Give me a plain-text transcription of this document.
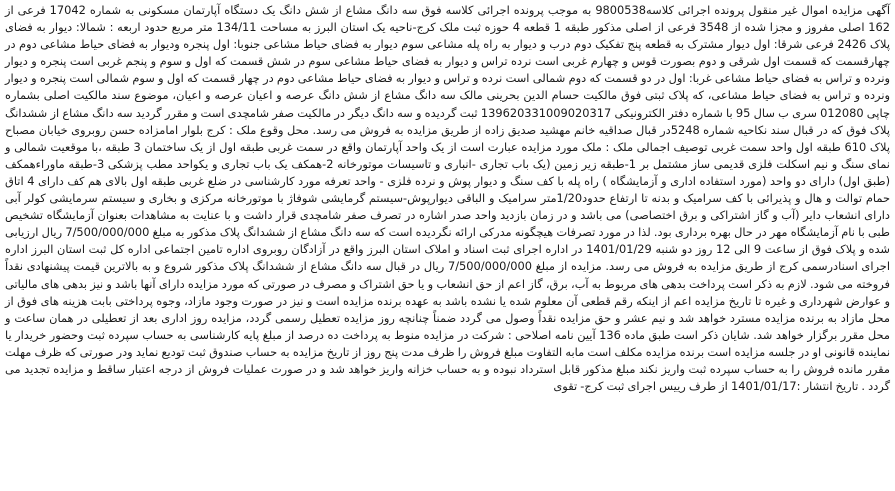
آگهی مزایده اموال غیر منقول پرونده اجرائی کلاسه9800538 به موجب پرونده اجرائی کلاسه فوق سه دانگ مشاع از شش دانگ یک دستگاه آپارتمان مسکونی به شماره 17042 فرعی از 162 اصلی مفروز و مجزا شده از 3548 فرعی از اصلی مذکور طبقه 1 قطعه 4 حوزه ثبت ملک کرج-ناحیه یک استان البرز به مساحت 134/11 متر مربع حدود اربعه : شمالا: دیوار به فضای پلاک 2426 فرعی شرقا: اول دیوار مشترک به قطعه پنج تفکیک دوم درب و دیوار به راه پله مشاعی سوم دیوار به فضای حیاط مشاعی جنوبا: اول پنجره ودیوار به فضای حیاط مشاعی دوم در چهارقسمت که قسمت اول شرقی و دوم بصورت قوس و چهارم غربی است نرده تراس و دیوار به فضای حیاط مشاعی سوم در شش قسمت که اول و سوم و پنجم غربی است پنجره و دیوار ونرده و تراس به فضای حیاط مشاعی غربا: اول در دو قسمت که دوم شمالی است نرده و تراس و دیوار به فضای حیاط مشاعی دوم در چهار قسمت که اول و سوم شمالی است پنجره و دیوار ونرده و تراس به فضای حیاط مشاعی، که پلاک ثبتی فوق مالکیت حسام الدین بحرینی مالک سه دانگ مشاع از شش دانگ عرصه و اعیان عرصه و اعیان، موضوع سند مالکیت اصلی بشماره چاپی 012080 سری ب سال 95 با شماره دفتر الکترونیکی 139620331009020317 ثبت گردیده و سه دانگ دیگر در مالکیت صفر شامچدی است و مقرر گردید سه دانگ مشاع از ششدانگ پلاک فوق که در قبال سند نکاحیه شماره 5248در قبال صداقیه خانم مهشید صدیق زاده از طریق مزایده به فروش می رسد. محل وقوع ملک : کرج بلوار امامزاده حسن روبروی خیابان مصباح پلاک 610 طبقه اول واحد سمت غربی توصیف اجمالی ملک : ملک مورد مزایده عبارت است از یک واحد آپارتمان واقع در سمت غربی طبقه اول از یک ساختمان 3 طبقه ،با موقعیت شمالی و نمای سنگ و نیم اسکلت فلزی قدیمی ساز مشتمل بر 1-طبقه زیر زمین (یک باب تجاری -انباری و تاسیسات موتورخانه 2-همکف یک باب تجاری و یکواحد مطب پزشکی 3-طبقه ماوراءهمکف (طبق اول) دارای دو واحد (مورد استفاده اداری و آزمایشگاه ) راه پله با کف سنگ و دیوار پوش و نرده فلزی - واحد تعرفه مورد کارشناسی در ضلع غربی طبقه اول بالای هم کف دارای 4 اتاق حمام توالت و هال و پذیرائی با کف سرامیک و بدنه تا ارتفاع حدود1/20متر سرامیک و الباقی دیوارپوش-سیستم گرمایشی شوفاژ با موتورخانه مرکزی و بخاری و سیستم سرمایشی کولر آبی دارای انشعاب دایر (آب و گاز اشتراکی و برق اختصاصی) می باشد و در زمان بازدید واحد صدر اشاره در تصرف صفر شامچدی قرار داشت و با عنایت به مشاهدات بعنوان آزمایشگاه تشخیص طبی با نام آزمایشگاه مهر در حال بهره برداری بود. لذا در مورد تصرفات هیچگونه مدرکی ارائه نگردیده است که سه دانگ مشاع از ششدانگ پلاک مذکور به مبلغ 7/500/000/000 ریال ارزیابی شده و پلاک فوق از ساعت 9 الی 12 روز دو شنبه 1401/01/29 در اداره اجرای ثبت اسناد و املاک استان البرز واقع در آزادگان روبروی اداره تامین اجتماعی اداره کل ثبت استان البرز اداره اجرای اسنادرسمی کرج از طریق مزایده به فروش می رسد. مزایده از مبلغ 7/500/000/000 ریال در قبال سه دانگ مشاع از ششدانگ پلاک مذکور شروع و به بالاترین قیمت پیشنهادی نقداً فروخته می شود. لازم به ذکر است پرداخت بدهی های مربوط به آب، برق، گاز اعم از حق انشعاب و یا حق اشتراک و مصرف در صورتی که مورد مزایده دارای آنها باشد و نیز بدهی های مالیاتی و عوارض شهرداری و غیره تا تاریخ مزایده اعم از اینکه رقم قطعی آن معلوم شده یا نشده باشد به عهده برنده مزایده است و نیز در صورت وجود مازاد، وجوه پرداختی بابت هزینه های فوق از محل مازاد به برنده مزایده مسترد خواهد شد و نیم عشر و حق مزایده نقداً وصول می گردد ضمناً چنانچه روز مزایده تعطیل رسمی گردد، مزایده روز اداری بعد از تعطیلی در همان ساعت و محل مقرر برگزار خواهد شد. شایان ذکر است طبق ماده 136 آیین نامه اصلاحی : شرکت در مزایده منوط به پرداخت ده درصد از مبلغ پایه کارشناسی به حساب سپرده ثبت وحضور خریدار یا نماینده قانونی او در جلسه مزایده است برنده مزایده مکلف است مابه التفاوت مبلغ فروش را ظرف مدت پنج روز از تاریخ مزایده به حساب صندوق ثبت تودیع نماید ودر صورتی که ظرف مهلت مقرر مانده فروش را به حساب سپرده ثبت واریز نکند مبلغ مذکور قابل استرداد نبوده و به حساب خزانه واریز خواهد شد و در صورت عملیات فروش از درجه اعتبار ساقط و مزایده تجدید می گردد . تاریخ انتشار :1401/01/17 از طرف رییس اجرای ثبت کرج- تقوی
